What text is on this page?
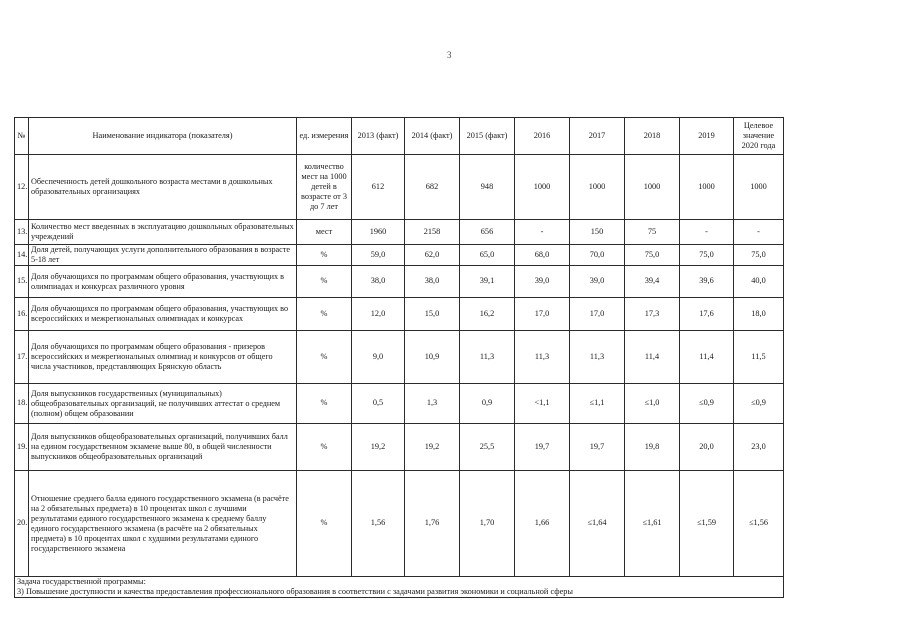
3
№	Наименование индикатора (показателя)	ед. измерения	2013 (факт)	2014 (факт)	2015 (факт)	2016	2017	2018	2019	Целевое значение 2020 года
12.	Обеспеченность детей дошкольного возраста местами в дошкольных образовательных организациях	количество мест на 1000 детей в возрасте от 3 до 7 лет	612	682	948	1000	1000	1000	1000	1000
13.	Количество мест введенных в эксплуатацию дошкольных образовательных учреждений	мест	1960	2158	656	-	150	75	-	-
14.	Доля детей, получающих услуги дополнительного образования в возрасте 5-18 лет	%	59,0	62,0	65,0	68,0	70,0	75,0	75,0	75,0
15.	Доля обучающихся по программам общего образования, участвующих в олимпиадах и конкурсах различного уровня	%	38,0	38,0	39,1	39,0	39,0	39,4	39,6	40,0
16.	Доля обучающихся по программам общего образования, участвующих во всероссийских и межрегиональных олимпиадах и конкурсах	%	12,0	15,0	16,2	17,0	17,0	17,3	17,6	18,0
17.	Доля обучающихся по программам общего образования - призеров всероссийских и межрегиональных олимпиад и конкурсов от общего числа участников, представляющих Брянскую область	%	9,0	10,9	11,3	11,3	11,3	11,4	11,4	11,5
18.	Доля выпускников государственных (муниципальных) общеобразовательных организаций, не получивших аттестат о среднем (полном) общем образовании	%	0,5	1,3	0,9	<1,1	≤1,1	≤1,0	≤0,9	≤0,9
19.	Доля выпускников общеобразовательных организаций, получивших балл на едином государственном экзамене выше 80, в общей численности выпускников общеобразовательных организаций	%	19,2	19,2	25,5	19,7	19,7	19,8	20,0	23,0
20.	Отношение среднего балла единого государственного экзамена (в расчёте на 2 обязательных предмета) в 10 процентах школ с лучшими результатами единого государственного экзамена к среднему баллу единого государственного экзамена (в расчёте на 2 обязательных предмета) в 10 процентах школ с худшими результатами единого государственного экзамена	%	1,56	1,76	1,70	1,66	≤1,64	≤1,61	≤1,59	≤1,56

Задача государственной программы:
3) Повышение доступности и качества предоставления профессионального образования в соответствии с задачами развития экономики и социальной сферы										
